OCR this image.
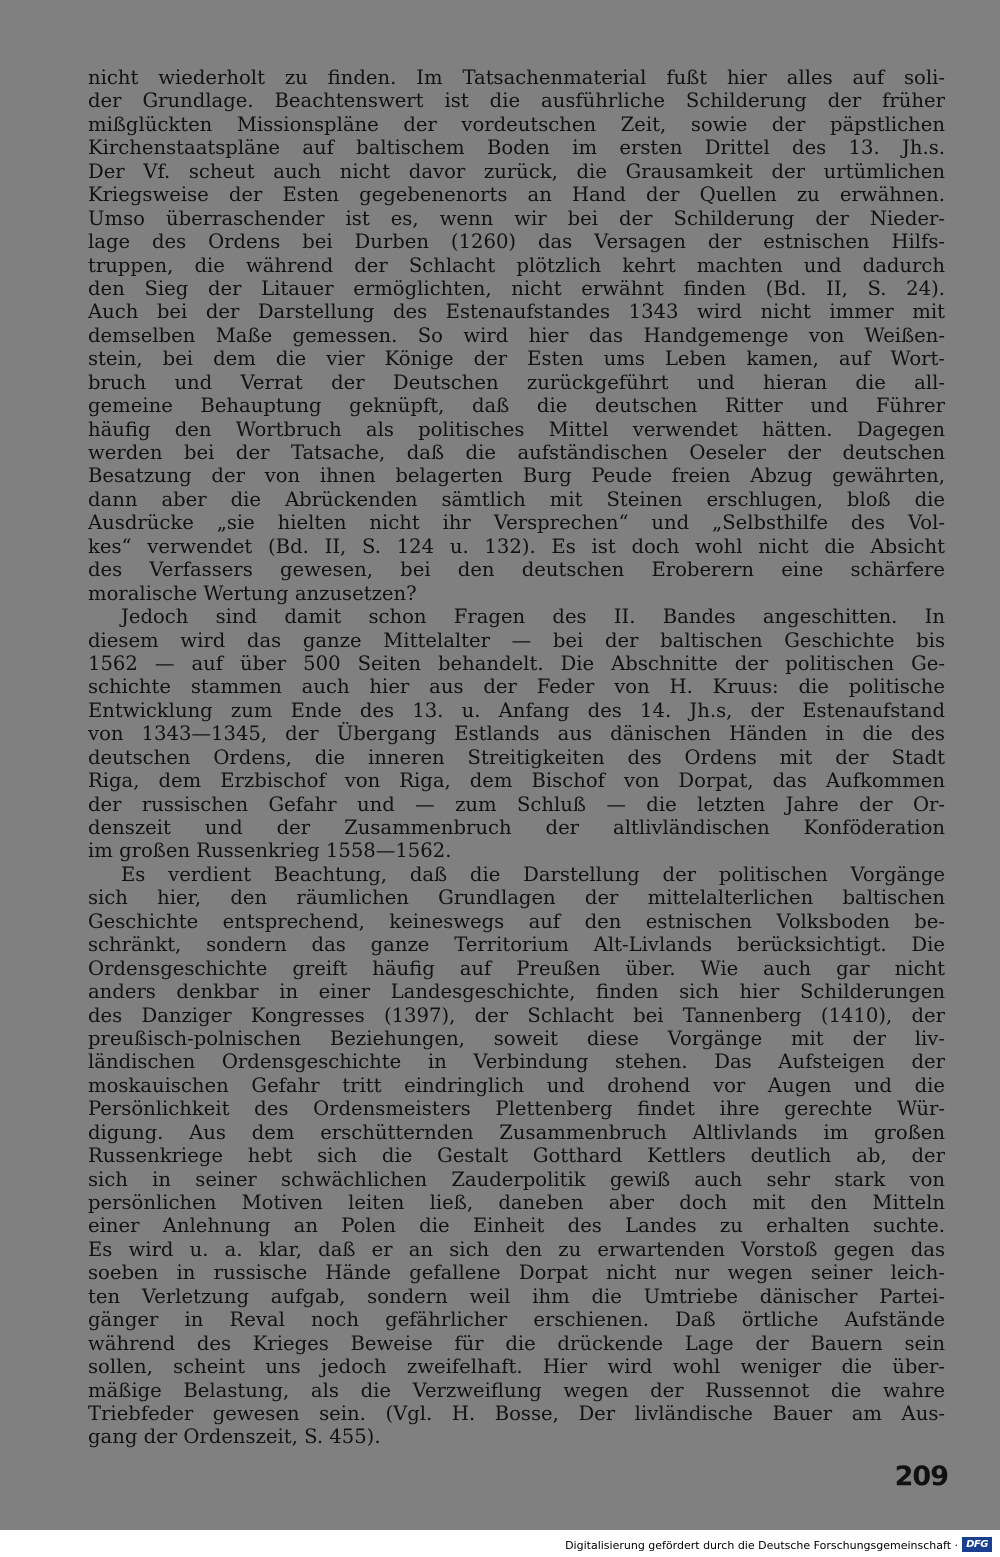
nicht wiederholt zu finden. Im Tatsachenmaterial fußt hier alles auf soli-
der Grundlage. Beachtenswert ist die ausführliche Schilderung der früher
mißglückten Missionspläne der vordeutschen Zeit, sowie der päpstlichen
Kirchenstaatspläne auf baltischem Boden im ersten Drittel des 13. Jh.s.
Der Vf. scheut auch nicht davor zurück, die Grausamkeit der urtümlichen
Kriegsweise der Esten gegebenenorts an Hand der Quellen zu erwähnen.
Umso überraschender ist es, wenn wir bei der Schilderung der Nieder-
lage des Ordens bei Durben (1260) das Versagen der estnischen Hilfs-
truppen, die während der Schlacht plötzlich kehrt machten und dadurch
den Sieg der Litauer ermöglichten, nicht erwähnt finden (Bd. II, S. 24).
Auch bei der Darstellung des Estenaufstandes 1343 wird nicht immer mit
demselben Maße gemessen. So wird hier das Handgemenge von Weißen-
stein, bei dem die vier Könige der Esten ums Leben kamen, auf Wort-
bruch und Verrat der Deutschen zurückgeführt und hieran die all-
gemeine Behauptung geknüpft, daß die deutschen Ritter und Führer
häufig den Wortbruch als politisches Mittel verwendet hätten. Dagegen
werden bei der Tatsache, daß die aufständischen Oeseler der deutschen
Besatzung der von ihnen belagerten Burg Peude freien Abzug gewährten,
dann aber die Abrückenden sämtlich mit Steinen erschlugen, bloß die
Ausdrücke „sie hielten nicht ihr Versprechen“ und „Selbsthilfe des Vol-
kes“ verwendet (Bd. II, S. 124 u. 132). Es ist doch wohl nicht die Absicht
des Verfassers gewesen, bei den deutschen Eroberern eine schärfere
moralische Wertung anzusetzen?
Jedoch sind damit schon Fragen des II. Bandes angeschitten. In
diesem wird das ganze Mittelalter — bei der baltischen Geschichte bis
1562 — auf über 500 Seiten behandelt. Die Abschnitte der politischen Ge-
schichte stammen auch hier aus der Feder von H. Kruus: die politische
Entwicklung zum Ende des 13. u. Anfang des 14. Jh.s, der Estenaufstand
von 1343—1345, der Übergang Estlands aus dänischen Händen in die des
deutschen Ordens, die inneren Streitigkeiten des Ordens mit der Stadt
Riga, dem Erzbischof von Riga, dem Bischof von Dorpat, das Aufkommen
der russischen Gefahr und — zum Schluß — die letzten Jahre der Or-
denszeit und der Zusammenbruch der altlivländischen Konföderation
im großen Russenkrieg 1558—1562.
Es verdient Beachtung, daß die Darstellung der politischen Vorgänge
sich hier, den räumlichen Grundlagen der mittelalterlichen baltischen
Geschichte entsprechend, keineswegs auf den estnischen Volksboden be-
schränkt, sondern das ganze Territorium Alt-Livlands berücksichtigt. Die
Ordensgeschichte greift häufig auf Preußen über. Wie auch gar nicht
anders denkbar in einer Landesgeschichte, finden sich hier Schilderungen
des Danziger Kongresses (1397), der Schlacht bei Tannenberg (1410), der
preußisch-polnischen Beziehungen, soweit diese Vorgänge mit der liv-
ländischen Ordensgeschichte in Verbindung stehen. Das Aufsteigen der
moskauischen Gefahr tritt eindringlich und drohend vor Augen und die
Persönlichkeit des Ordensmeisters Plettenberg findet ihre gerechte Wür-
digung. Aus dem erschütternden Zusammenbruch Altlivlands im großen
Russenkriege hebt sich die Gestalt Gotthard Kettlers deutlich ab, der
sich in seiner schwächlichen Zauderpolitik gewiß auch sehr stark von
persönlichen Motiven leiten ließ, daneben aber doch mit den Mitteln
einer Anlehnung an Polen die Einheit des Landes zu erhalten suchte.
Es wird u. a. klar, daß er an sich den zu erwartenden Vorstoß gegen das
soeben in russische Hände gefallene Dorpat nicht nur wegen seiner leich-
ten Verletzung aufgab, sondern weil ihm die Umtriebe dänischer Partei-
gänger in Reval noch gefährlicher erschienen. Daß örtliche Aufstände
während des Krieges Beweise für die drückende Lage der Bauern sein
sollen, scheint uns jedoch zweifelhaft. Hier wird wohl weniger die über-
mäßige Belastung, als die Verzweiflung wegen der Russennot die wahre
Triebfeder gewesen sein. (Vgl. H. Bosse, Der livländische Bauer am Aus-
gang der Ordenszeit, S. 455).
209
Digitalisierung gefördert durch die Deutsche Forschungsgemeinschaft · DFG
